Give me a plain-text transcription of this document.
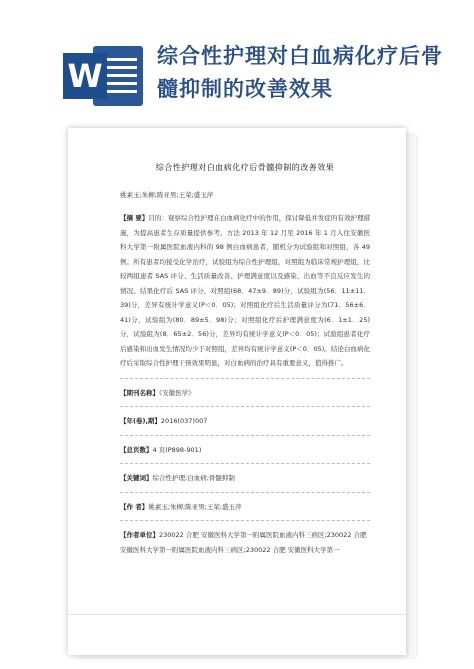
W
综合性护理对白血病化疗后骨髓抑制的改善效果
综合性护理对白血病化疗后骨髓抑制的改善效果
姚素玉;朱柳;陈亚男;王荣;盛玉萍

【摘 要】目的：观察综合性护理在白血病化疗中的作用，探讨降低并发症的有效护理措施，为提高患者生存质量提供参考。方法 2013 年 12 月至 2016 年 1 月入住安徽医科大学第一附属医院血液内科的 98 例白血病患者，随机分为试验组和对照组，各 49 例。所有患者均接受化学治疗，试验组为综合性护理组，对照组为临床常规护理组，比较两组患者 SAS 评分、生活质量改善、护理满意度以及感染、出血等不良反应发生的情况。结果化疗后 SAS 评分，对照组(68．47±9．89)分，试验组为(56．11±11．39)分，差异有统计学意义(P＜0．05)；对照组化疗后生活质量评分为(71．56±6．41)分，试验组为(80．89±5．98)分；对照组化疗后护理满意度为(6．1±1．25)分，试验组为(8．65±2．56)分，差异均有统计学意义(P＜0．05)；试验组患者化疗后感染和出血发生情况均少于对照组，差异均有统计学意义(P＜0．05)。结论白血病化疗后采取综合性护理干预效果明显，对白血病的治疗具有重要意义，值得推广。

【期刊名称】《安徽医学》
【年(卷),期】2016(037)007
【总页数】4 页(P898-901)
【关键词】综合性护理;白血病;骨髓抑制
【作 者】姚素玉;朱柳;陈亚男;王荣;盛玉萍
【作者单位】230022 合肥 安徽医科大学第一附属医院血液内科三病区;230022 合肥 安徽医科大学第一附属医院血液内科三病区;230022 合肥 安徽医科大学第一
